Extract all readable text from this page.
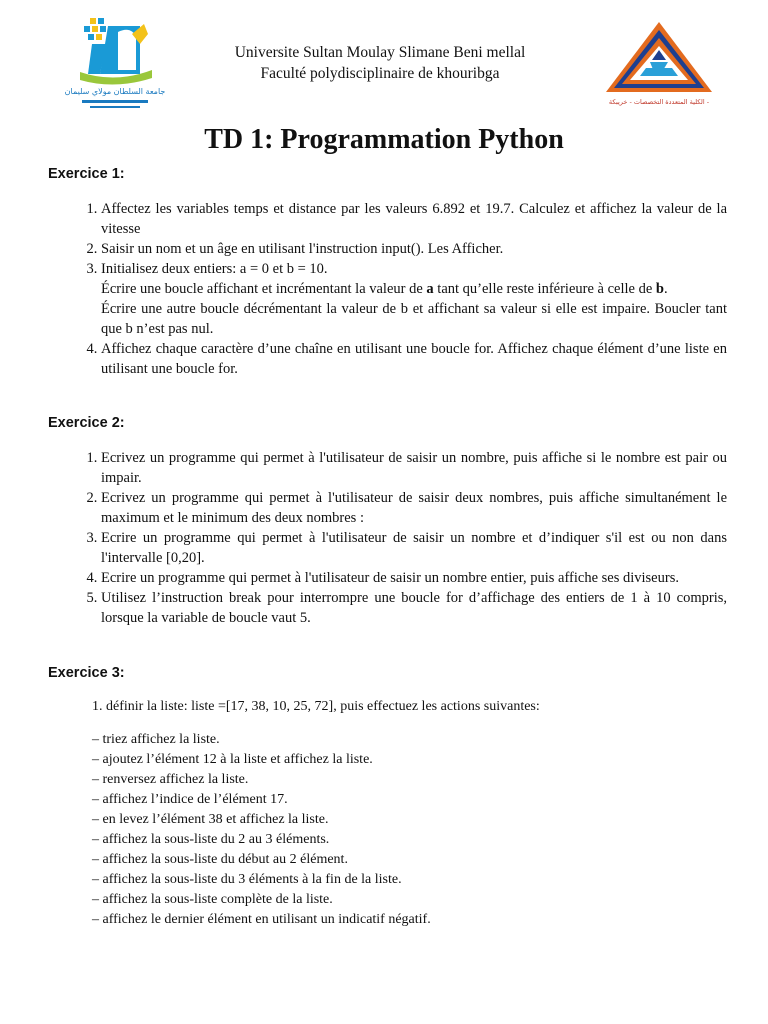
جامعة السلطان مولاي سليمان
Universite Sultan Moulay Slimane Beni mellal
Faculté polydisciplinaire de khouribga
الكلية المتعددة التخصصات - خريبكة -
TD 1: Programmation Python
Exercice 1:
1. Affectez les variables temps et distance par les valeurs 6.892 et 19.7. Calculez et affichez la valeur de la vitesse
2. Saisir un nom et un âge en utilisant l'instruction input(). Les Afficher.
3. Initialisez deux entiers: a = 0 et b = 10.
Écrire une boucle affichant et incrémentant la valeur de a tant qu’elle reste inférieure à celle de b.
Écrire une autre boucle décrémentant la valeur de b et affichant sa valeur si elle est impaire. Boucler tant que b n’est pas nul.
4. Affichez chaque caractère d’une chaîne en utilisant une boucle for. Affichez chaque élément d’une liste en utilisant une boucle for.
Exercice 2:
1. Ecrivez un programme qui permet à l'utilisateur de saisir un nombre, puis affiche si le nombre est pair ou impair.
2. Ecrivez un programme qui permet à l'utilisateur de saisir deux nombres, puis affiche simultanément le maximum et le minimum des deux nombres :
3. Ecrire un programme qui permet à l'utilisateur de saisir un nombre et d’indiquer s'il est ou non dans l'intervalle [0,20].
4. Ecrire un programme qui permet à l'utilisateur de saisir un nombre entier, puis affiche ses diviseurs.
5. Utilisez l’instruction break pour interrompre une boucle for d’affichage des entiers de 1 à 10 compris, lorsque la variable de boucle vaut 5.
Exercice 3:
1. définir la liste: liste =[17, 38, 10, 25, 72], puis effectuez les actions suivantes:
– triez affichez la liste.
– ajoutez l’élément 12 à la liste et affichez la liste.
– renversez affichez la liste.
– affichez l’indice de l’élément 17.
– en levez l’élément 38 et affichez la liste.
– affichez la sous-liste du 2 au 3 éléments.
– affichez la sous-liste du début au 2 élément.
– affichez la sous-liste du 3 éléments à la fin de la liste.
– affichez la sous-liste complète de la liste.
– affichez le dernier élément en utilisant un indicatif négatif.
